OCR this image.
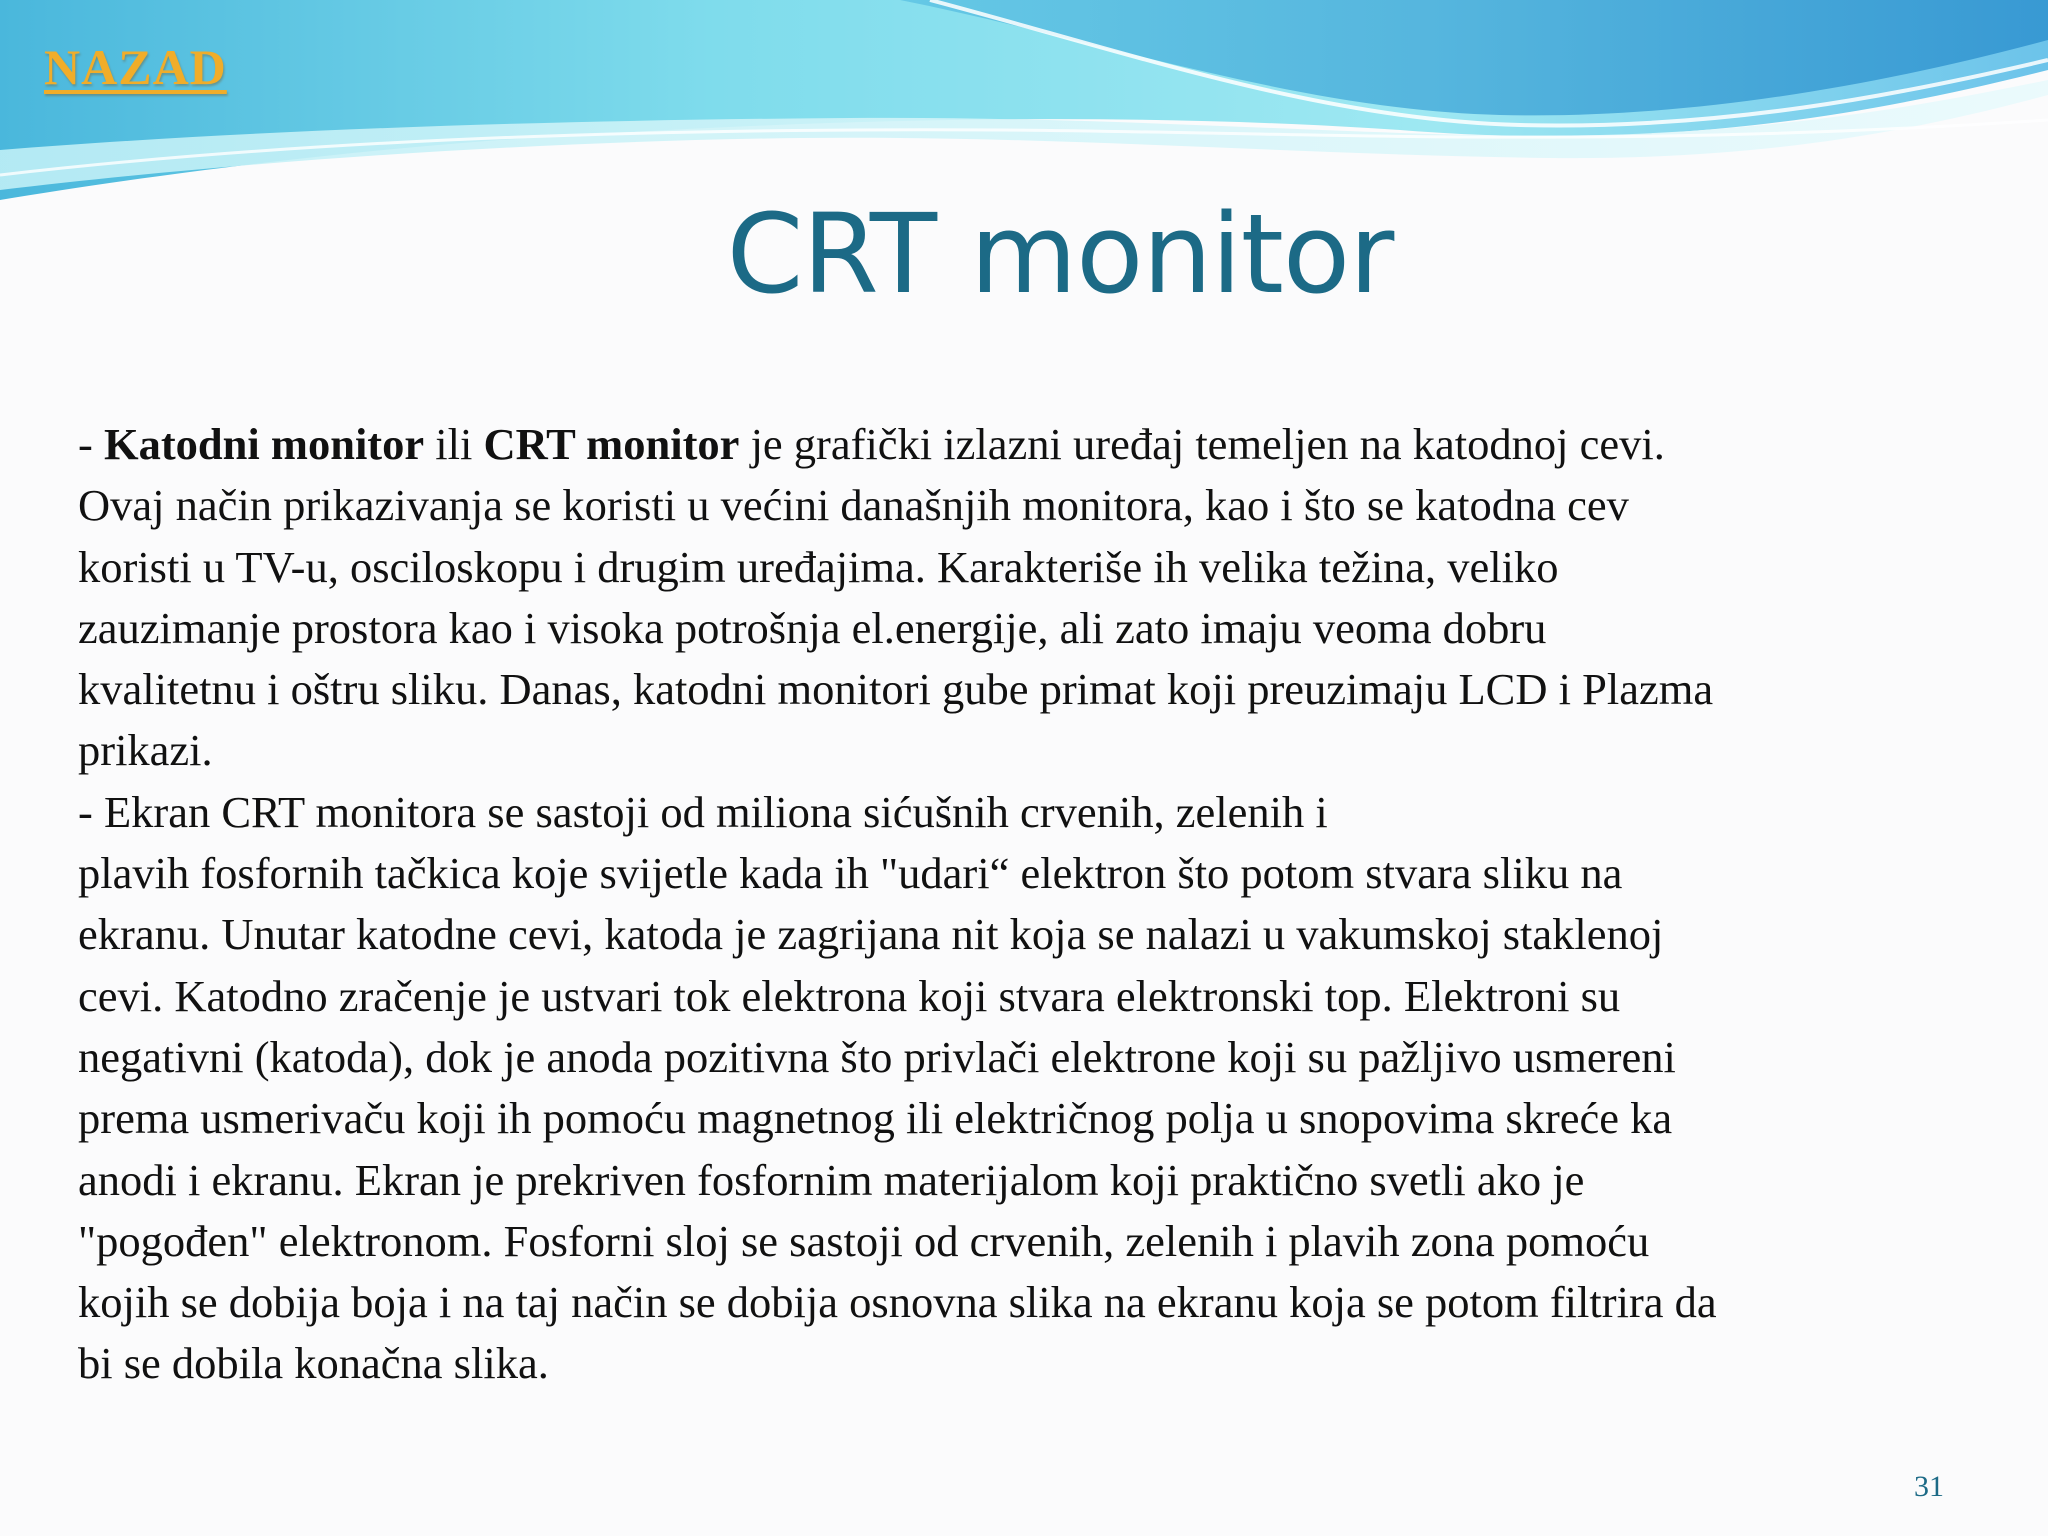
NAZAD
CRT monitor
- Katodni monitor ili CRT monitor je grafički izlazni uređaj temeljen na katodnoj cevi.
Ovaj način prikazivanja se koristi u većini današnjih monitora, kao i što se katodna cev
koristi u TV-u, osciloskopu i drugim uređajima. Karakteriše ih velika težina, veliko
zauzimanje prostora kao i visoka potrošnja el.energije, ali zato imaju veoma dobru
kvalitetnu i oštru sliku. Danas, katodni monitori gube primat koji preuzimaju LCD i Plazma
prikazi.
- Ekran CRT monitora se sastoji od miliona sićušnih crvenih, zelenih i
plavih fosfornih tačkica koje svijetle kada ih "udari“ elektron što potom stvara sliku na
ekranu. Unutar katodne cevi, katoda je zagrijana nit koja se nalazi u vakumskoj staklenoj
cevi. Katodno zračenje je ustvari tok elektrona koji stvara elektronski top. Elektroni su
negativni (katoda), dok je anoda pozitivna što privlači elektrone koji su pažljivo usmereni
prema usmerivaču koji ih pomoću magnetnog ili električnog polja u snopovima skreće ka
anodi i ekranu. Ekran je prekriven fosfornim materijalom koji praktično svetli ako je
"pogođen" elektronom. Fosforni sloj se sastoji od crvenih, zelenih i plavih zona pomoću
kojih se dobija boja i na taj način se dobija osnovna slika na ekranu koja se potom filtrira da
bi se dobila konačna slika.
31
